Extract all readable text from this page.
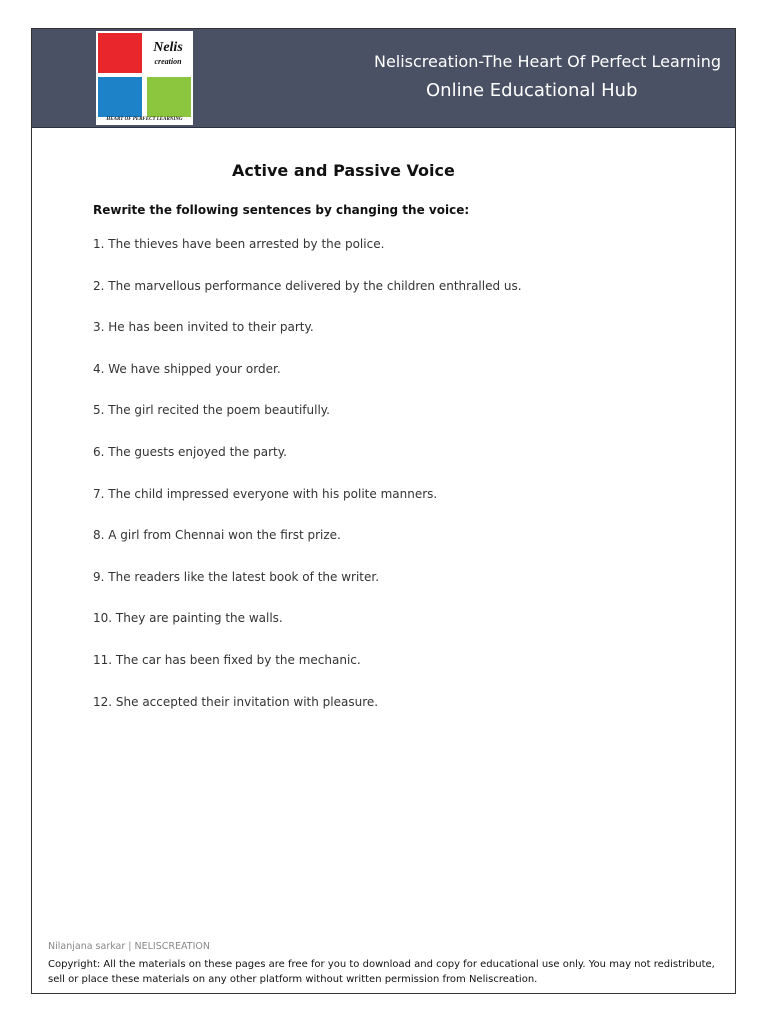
Nelis
creation
HEART OF PERFECT LEARNING
Neliscreation-The Heart Of Perfect Learning
Online Educational Hub
Active and Passive Voice
Rewrite the following sentences by changing the voice:
1. The thieves have been arrested by the police.
2. The marvellous performance delivered by the children enthralled us.
3. He has been invited to their party.
4. We have shipped your order.
5. The girl recited the poem beautifully.
6. The guests enjoyed the party.
7. The child impressed everyone with his polite manners.
8. A girl from Chennai won the first prize.
9. The readers like the latest book of the writer.
10. They are painting the walls.
11. The car has been fixed by the mechanic.
12. She accepted their invitation with pleasure.
Nilanjana sarkar | NELISCREATION
Copyright: All the materials on these pages are free for you to download and copy for educational use only. You may not redistribute, sell or place these materials on any other platform without written permission from Neliscreation.
